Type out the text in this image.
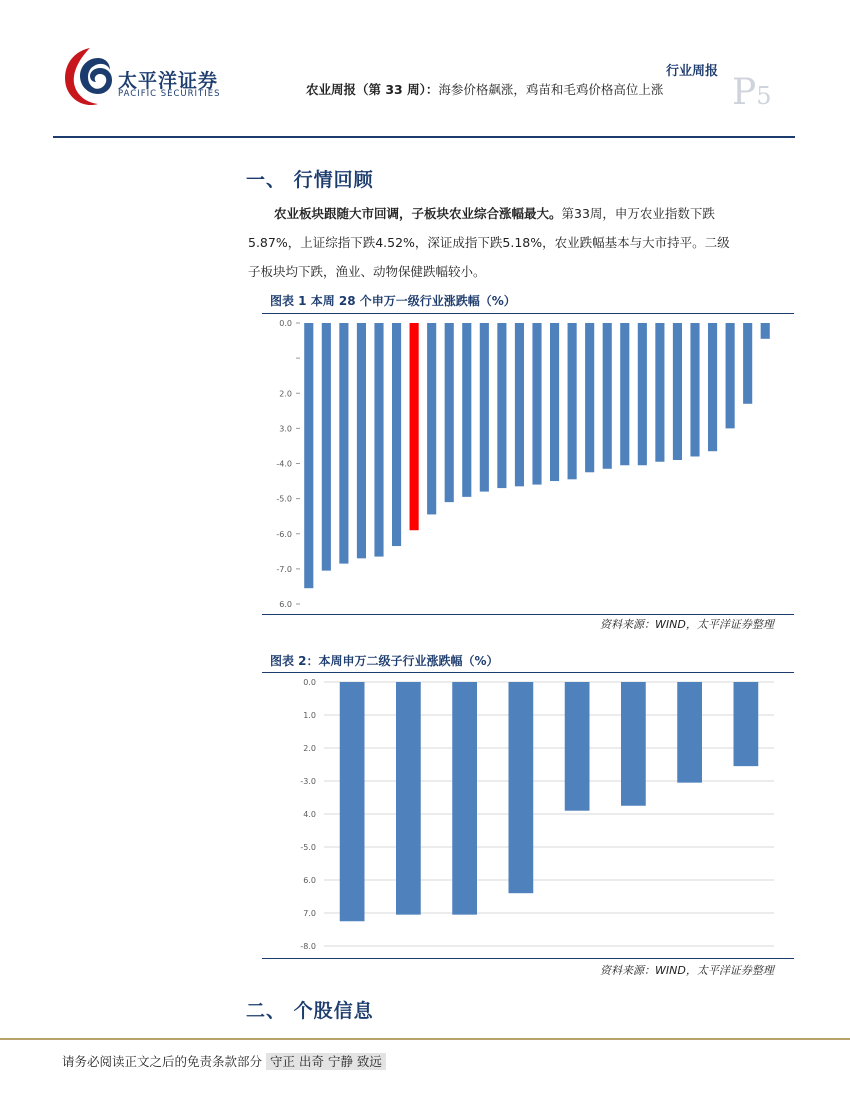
太平洋证券
PACIFIC SECURITIES
行业周报
农业周报（第 33 周）：海参价格飙涨，鸡苗和毛鸡价格高位上涨 P5
一、 行情回顾
农业板块跟随大市回调，子板块农业综合涨幅最大。第33周，申万农业指数下跌
5.87%，上证综指下跌4.52%，深证成指下跌5.18%，农业跌幅基本与大市持平。二级
子板块均下跌，渔业、动物保健跌幅较小。
图表 1 本周 28 个申万一级行业涨跌幅（%）
0.0
2.0
3.0
-4.0
-5.0
-6.0
-7.0
6.0
资料来源：WIND，太平洋证券整理
图表 2：本周申万二级子行业涨跌幅（%）
0.0
1.0
2.0
-3.0
4.0
-5.0
6.0
7.0
-8.0
资料来源：WIND，太平洋证券整理
二、 个股信息
请务必阅读正文之后的免责条款部分 守正 出奇 宁静 致远
